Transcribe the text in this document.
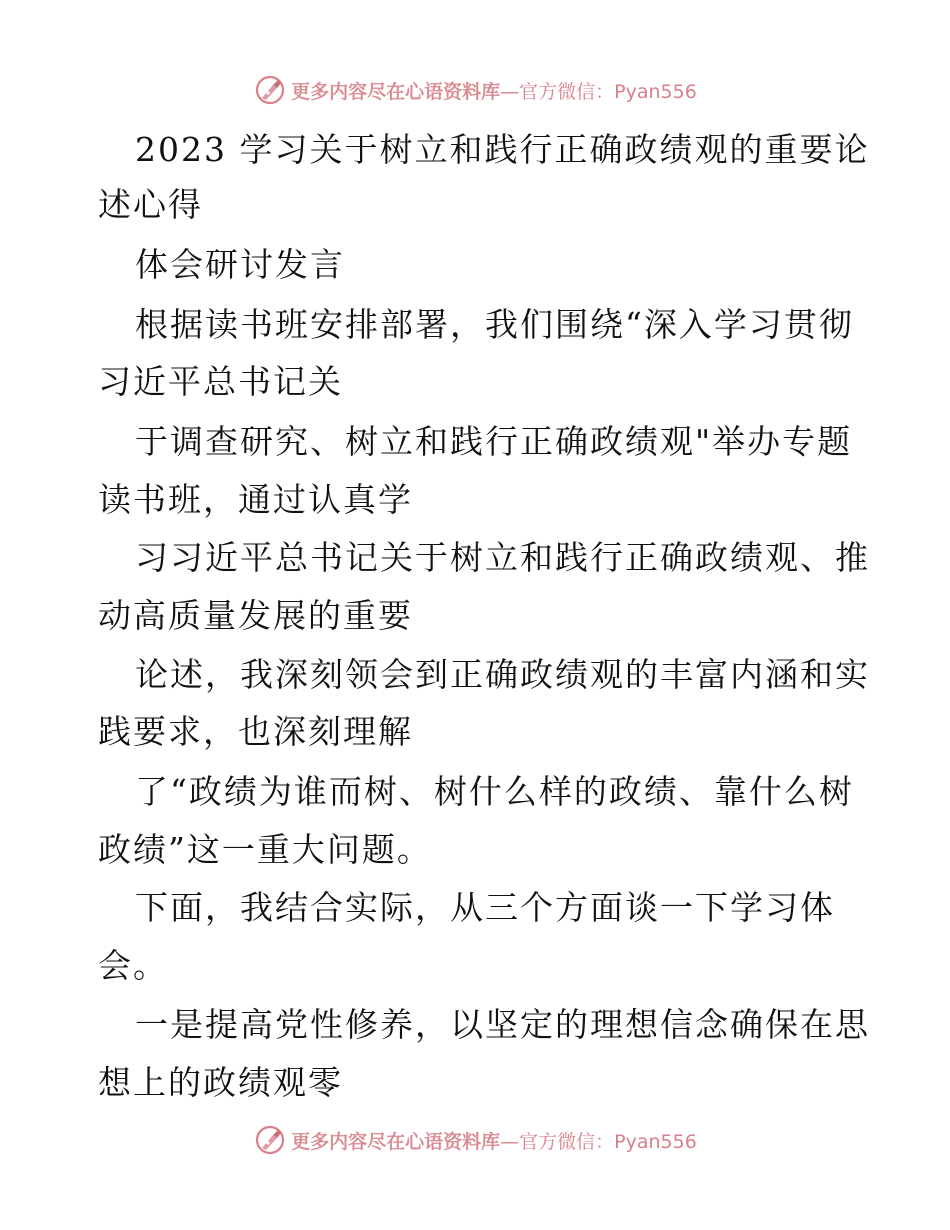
更多内容尽在心语资料库—官方微信：Pyan556
2023 学习关于树立和践行正确政绩观的重要论
述心得
体会研讨发言
根据读书班安排部署，我们围绕“深入学习贯彻
习近平总书记关
于调查研究、树立和践行正确政绩观"举办专题
读书班，通过认真学
习习近平总书记关于树立和践行正确政绩观、推
动高质量发展的重要
论述，我深刻领会到正确政绩观的丰富内涵和实
践要求，也深刻理解
了“政绩为谁而树、树什么样的政绩、靠什么树
政绩”这一重大问题。
下面，我结合实际，从三个方面谈一下学习体
会。
一是提高党性修养，以坚定的理想信念确保在思
想上的政绩观零
更多内容尽在心语资料库—官方微信：Pyan556
